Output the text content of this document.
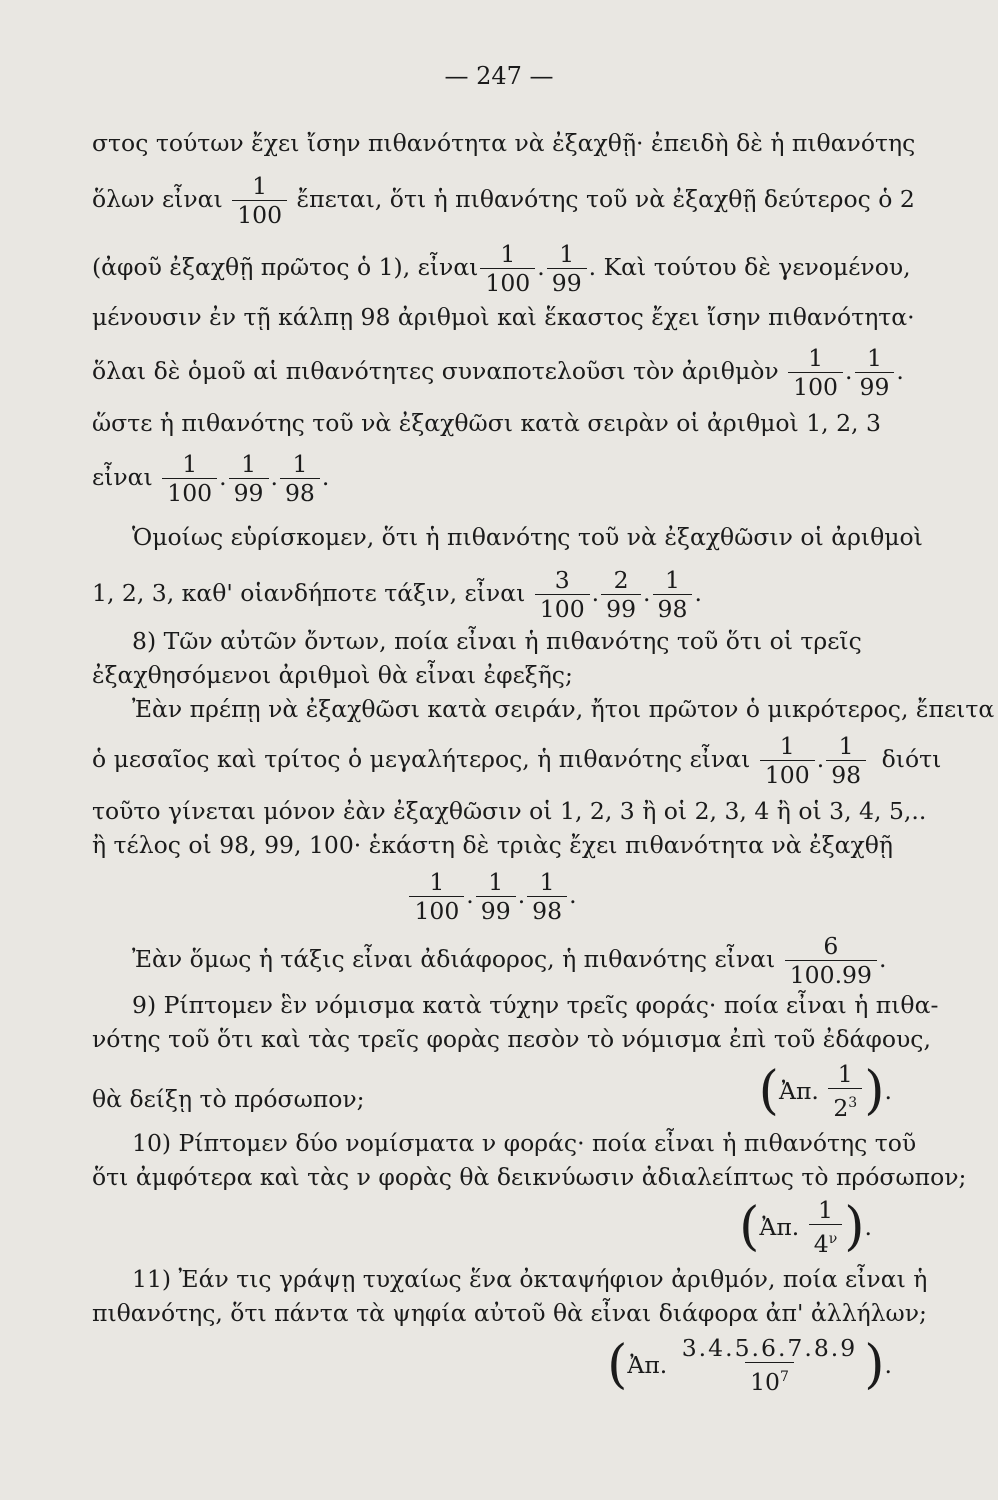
— 247 —
στος τούτων ἔχει ἴσην πιθανότητα νὰ ἐξαχθῇ· ἐπειδὴ δὲ ἡ πιθανότης
ὅλων εἶναι $\frac{1}{100}$ ἔπεται, ὅτι ἡ πιθανότης τοῦ νὰ ἐξαχθῇ δεύτερος ὁ 2
(ἀφοῦ ἐξαχθῇ πρῶτος ὁ 1), εἶναι $\frac{1}{100}$ . $\frac{1}{99}$ . Καὶ τούτου δὲ γενομένου,
μένουσιν ἐν τῇ κάλπῃ 98 ἀριθμοὶ καὶ ἕκαστος ἔχει ἴσην πιθανότητα·
ὅλαι δὲ ὁμοῦ αἱ πιθανότητες συναποτελοῦσι τὸν ἀριθμὸν $\frac{1}{100}$ . $\frac{1}{99}$ .
ὥστε ἡ πιθανότης τοῦ νὰ ἐξαχθῶσι κατὰ σειρὰν οἱ ἀριθμοὶ 1, 2, 3
εἶναι $\frac{1}{100}$ . $\frac{1}{99}$ . $\frac{1}{98}$ .
Ὁμοίως εὑρίσκομεν, ὅτι ἡ πιθανότης τοῦ νὰ ἐξαχθῶσιν οἱ ἀριθμοὶ
1, 2, 3, καθ' οἱανδήποτε τάξιν, εἶναι $\frac{3}{100}$ . $\frac{2}{99}$ . $\frac{1}{98}$ .
8) Τῶν αὐτῶν ὄντων, ποία εἶναι ἡ πιθανότης τοῦ ὅτι οἱ τρεῖς
ἐξαχθησόμενοι ἀριθμοὶ θὰ εἶναι ἐφεξῆς;
Ἐὰν πρέπῃ νὰ ἐξαχθῶσι κατὰ σειράν, ἤτοι πρῶτον ὁ μικρότερος, ἔπειτα
ὁ μεσαῖος καὶ τρίτος ὁ μεγαλήτερος, ἡ πιθανότης εἶναι $\frac{1}{100}$ . $\frac{1}{98}$ διότι
τοῦτο γίνεται μόνον ἐὰν ἐξαχθῶσιν οἱ 1, 2, 3 ἢ οἱ 2, 3, 4 ἢ οἱ 3, 4, 5,..
ἢ τέλος οἱ 98, 99, 100· ἑκάστη δὲ τριὰς ἔχει πιθανότητα νὰ ἐξαχθῇ
$\frac{1}{100}$ . $\frac{1}{99}$ . $\frac{1}{98}$ .
Ἐὰν ὅμως ἡ τάξις εἶναι ἀδιάφορος, ἡ πιθανότης εἶναι $\frac{6}{100.99}$ .
9) Ρίπτομεν ἓν νόμισμα κατὰ τύχην τρεῖς φοράς· ποία εἶναι ἡ πιθα-
νότης τοῦ ὅτι καὶ τὰς τρεῖς φορὰς πεσὸν τὸ νόμισμα ἐπὶ τοῦ ἐδάφους,
θὰ δείξῃ τὸ πρόσωπον;	( Ἀπ.
$\frac{1}{2^3}$ ) .
10) Ρίπτομεν δύο νομίσματα ν φοράς· ποία εἶναι ἡ πιθανότης τοῦ
ὅτι ἀμφότερα καὶ τὰς ν φορὰς θὰ δεικνύωσιν ἀδιαλείπτως τὸ πρόσωπον;
( Ἀπ.
$\frac{1}{4^\nu}$ ) .
11) Ἐάν τις γράψῃ τυχαίως ἕνα ὀκταψήφιον ἀριθμόν, ποία εἶναι ἡ
πιθανότης, ὅτι πάντα τὰ ψηφία αὐτοῦ θὰ εἶναι διάφορα ἀπ' ἀλλήλων;
( Ἀπ.
$\frac{3.4.5.6.7.8.9}{10^7}$ ) .
